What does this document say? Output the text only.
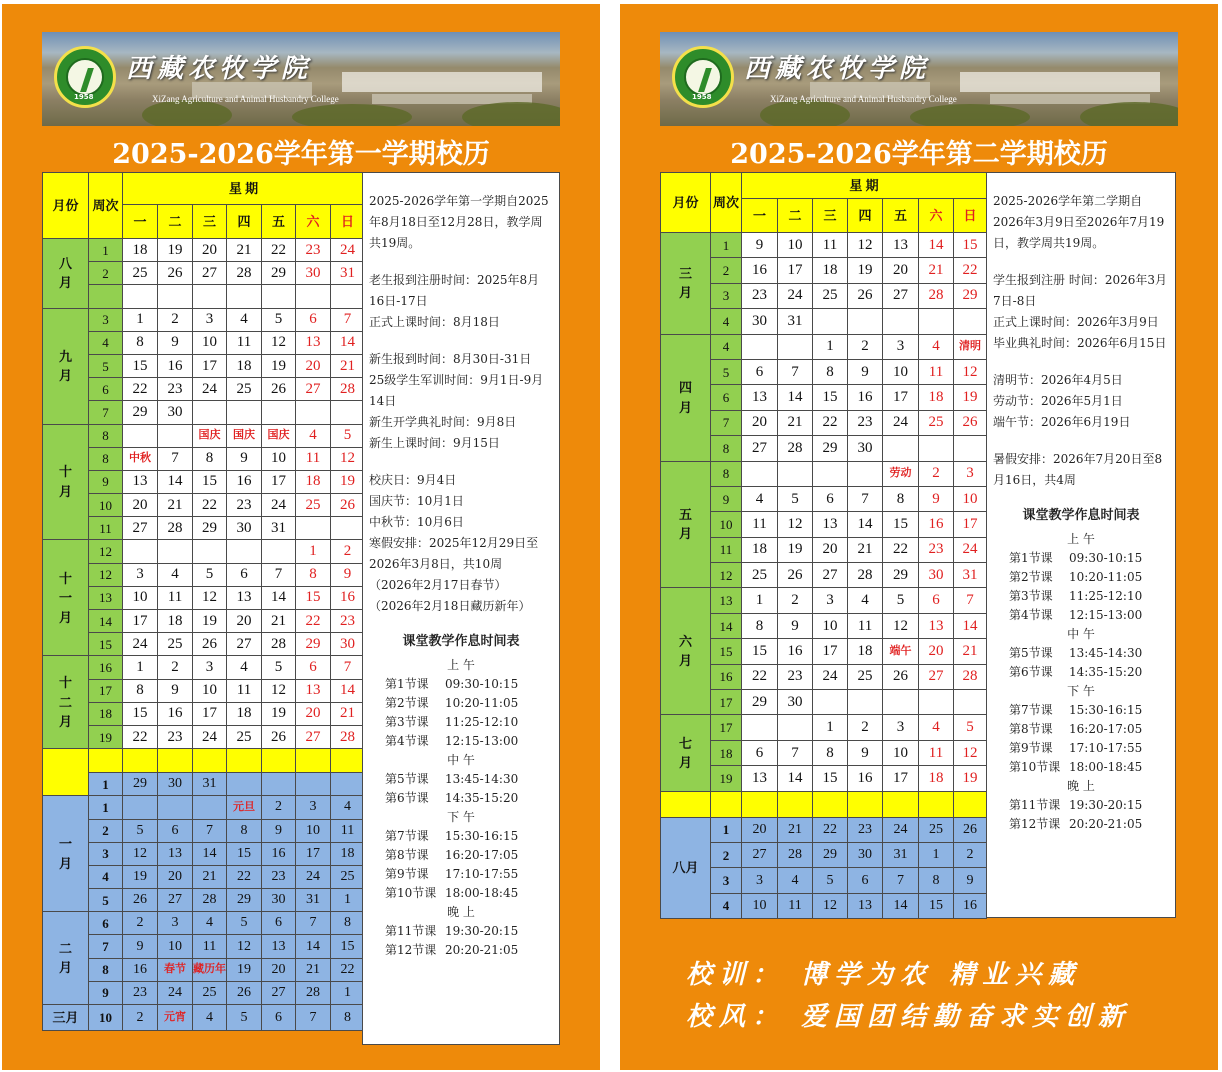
1958
西藏农牧学院
XiZang Agriculture and Animal Husbandry College
2025-2026学年第一学期校历
月份	周次	星 期						
		一	二	三	四	五	六	日
八
月	1	18	19	20	21	22	23	24
	2	25	26	27	28	29	30	31

九
月	3	1	2	3	4	5	6	7
	4	8	9	10	11	12	13	14
	5	15	16	17	18	19	20	21
	6	22	23	24	25	26	27	28
	7	29	30					
十
月	8			国庆	国庆	国庆	4	5
	8	中秋	7	8	9	10	11	12
	9	13	14	15	16	17	18	19
	10	20	21	22	23	24	25	26
	11	27	28	29	30	31		
十
一
月	12						1	2
	12	3	4	5	6	7	8	9
	13	10	11	12	13	14	15	16
	14	17	18	19	20	21	22	23
	15	24	25	26	27	28	29	30
十
二
月	16	1	2	3	4	5	6	7
	17	8	9	10	11	12	13	14
	18	15	16	17	18	19	20	21
	19	22	23	24	25	26	27	28

	1	29	30	31				
一
月	1				元旦	2	3	4
	2	5	6	7	8	9	10	11
	3	12	13	14	15	16	17	18
	4	19	20	21	22	23	24	25
	5	26	27	28	29	30	31	1
二
月	6	2	3	4	5	6	7	8
	7	9	10	11	12	13	14	15
	8	16	春节	藏历年	19	20	21	22
	9	23	24	25	26	27	28	1
三月	10	2	元宵	4	5	6	7	8

2025-2026学年第一学期自2025年8月18日至12月28日，教学周共19周。

老生报到注册时间：2025年8月16日-17日

正式上课时间：8月18日

新生报到时间：8月30日-31日

25级学生军训时间：9月1日-9月14日

新生开学典礼时间：9月8日

新生上课时间：9月15日

校庆日：9月4日

国庆节：10月1日

中秋节：10月6日

寒假安排：2025年12月29日至2026年3月8日，共10周

（2026年2月17日春节）

（2026年2月18日藏历新年）

课堂教学作息时间表
上 午
第1节课	09:30-10:15
第2节课	10:20-11:05
第3节课	11:25-12:10
第4节课	12:15-13:00
中 午
第5节课	13:45-14:30
第6节课	14:35-15:20
下 午
第7节课	15:30-16:15
第8节课	16:20-17:05
第9节课	17:10-17:55
第10节课 18:00-18:45
晚 上
第11节课 19:30-20:15
第12节课 20:20-21:05
1958
西藏农牧学院
XiZang Agriculture and Animal Husbandry College
2025-2026学年第二学期校历
月份	周次	星 期						
		一	二	三	四	五	六	日
三
月	1	9	10	11	12	13	14	15
	2	16	17	18	19	20	21	22
	3	23	24	25	26	27	28	29
	4	30	31					
四
月	4			1	2	3	4	清明
	5	6	7	8	9	10	11	12
	6	13	14	15	16	17	18	19
	7	20	21	22	23	24	25	26
	8	27	28	29	30			
五
月	8					劳动	2	3
	9	4	5	6	7	8	9	10
	10	11	12	13	14	15	16	17
	11	18	19	20	21	22	23	24
	12	25	26	27	28	29	30	31
六
月	13	1	2	3	4	5	6	7
	14	8	9	10	11	12	13	14
	15	15	16	17	18	端午	20	21
	16	22	23	24	25	26	27	28
	17	29	30					
七
月	17			1	2	3	4	5
	18	6	7	8	9	10	11	12
	19	13	14	15	16	17	18	19

八月	1	20	21	22	23	24	25	26
	2	27	28	29	30	31	1	2
	3	3	4	5	6	7	8	9
	4	10	11	12	13	14	15	16

2025-2026学年第二学期自2026年3月9日至2026年7月19日，教学周共19周。

学生报到注册 时间：2026年3月7日-8日

正式上课时间：2026年3月9日

毕业典礼时间：2026年6月15日

清明节：2026年4月5日

劳动节：2026年5月1日

端午节：2026年6月19日

暑假安排：2026年7月20日至8月16日，共4周

课堂教学作息时间表
上 午
第1节课	09:30-10:15
第2节课	10:20-11:05
第3节课	11:25-12:10
第4节课	12:15-13:00
中 午
第5节课	13:45-14:30
第6节课	14:35-15:20
下 午
第7节课	15:30-16:15
第8节课	16:20-17:05
第9节课	17:10-17:55
第10节课 18:00-18:45
晚 上
第11节课 19:30-20:15
第12节课 20:20-21:05
校训： 博学为农 精业兴藏
校风： 爱国团结勤奋求实创新
